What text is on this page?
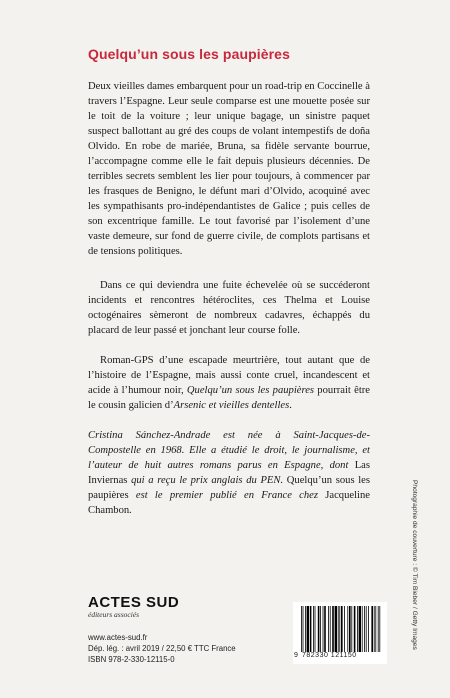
Quelqu’un sous les paupières

Deux vieilles dames embarquent pour un road-trip en Coccinelle à travers l’Espagne. Leur seule comparse est une mouette posée sur le toit de la voiture ; leur unique bagage, un sinistre paquet suspect ballottant au gré des coups de volant intempestifs de doña Olvido. En robe de mariée, Bruna, sa fidèle servante bourrue, l’accompagne comme elle le fait depuis plusieurs décennies. De terribles secrets semblent les lier pour toujours, à commencer par les frasques de Benigno, le défunt mari d’Olvido, acoquiné avec les sympathisants pro-indépendantistes de Galice ; puis celles de son excentrique famille. Le tout favorisé par l’isolement d’une vaste demeure, sur fond de guerre civile, de complots partisans et de tensions politiques.

Dans ce qui deviendra une fuite échevelée où se succéderont incidents et rencontres hétéroclites, ces Thelma et Louise octogénaires sèmeront de nombreux cadavres, échappés du placard de leur passé et jonchant leur course folle.

Roman-GPS d’une escapade meurtrière, tout autant que de l’histoire de l’Espagne, mais aussi conte cruel, incandescent et acide à l’humour noir, Quelqu’un sous les paupières pourrait être le cousin galicien d’Arsenic et vieilles dentelles.

Cristina Sánchez-Andrade est née à Saint-Jacques-de-Compostelle en 1968. Elle a étudié le droit, le journalisme, et l’auteur de huit autres romans parus en Espagne, dont Las Inviernas qui a reçu le prix anglais du PEN. Quelqu’un sous les paupières est le premier publié en France chez Jacqueline Chambon.

ACTES SUD
éditeurs associés
www.actes-sud.fr
Dép. lég. : avril 2019 / 22,50 € TTC France
ISBN 978-2-330-12115-0
Photographie de couverture : © Tim Bieber / Getty Images
9 782330 121150
